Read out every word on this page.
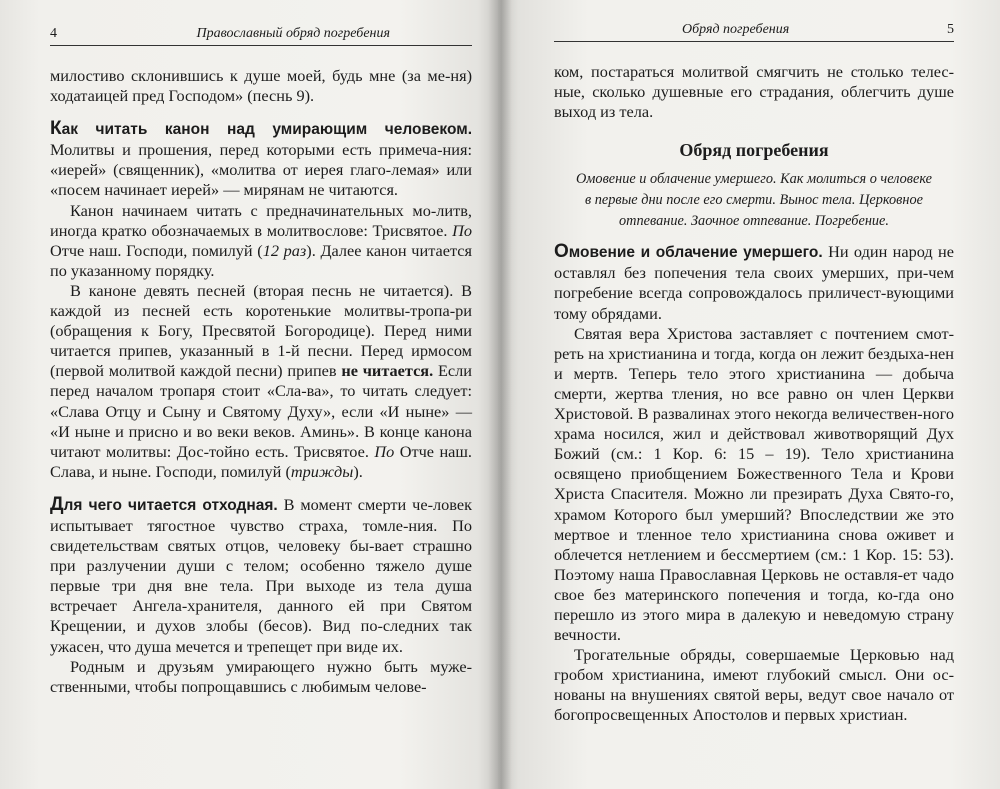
4	Православный обряд погребения

милостиво склонившись к душе моей, будь мне (за ме-ня) ходатаицей пред Господом» (песнь 9).

Как читать канон над умирающим человеком. Молитвы и прошения, перед которыми есть примеча-ния: «иерей» (священник), «молитва от иерея глаго-лемая» или «посем начинает иерей» — мирянам не читаются.

Канон начинаем читать с предначинательных мо-литв, иногда кратко обозначаемых в молитвослове: Трисвятое. По Отче наш. Господи, помилуй (12 раз). Далее канон читается по указанному порядку.

В каноне девять песней (вторая песнь не читается). В каждой из песней есть коротенькие молитвы-тропа-ри (обращения к Богу, Пресвятой Богородице). Перед ними читается припев, указанный в 1-й песни. Перед ирмосом (первой молитвой каждой песни) припев не читается. Если перед началом тропаря стоит «Сла-ва», то читать следует: «Слава Отцу и Сыну и Святому Духу», если «И ныне» — «И ныне и присно и во веки веков. Аминь». В конце канона читают молитвы: Дос-тойно есть. Трисвятое. По Отче наш. Слава, и ныне. Господи, помилуй (трижды).

Для чего читается отходная. В момент смерти че-ловек испытывает тягостное чувство страха, томле-ния. По свидетельствам святых отцов, человеку бы-вает страшно при разлучении души с телом; особенно тяжело душе первые три дня вне тела. При выходе из тела душа встречает Ангела-хранителя, данного ей при Святом Крещении, и духов злобы (бесов). Вид по-следних так ужасен, что душа мечется и трепещет при виде их.

Родным и друзьям умирающего нужно быть муже-ственными, чтобы попрощавшись с любимым челове-

Обряд погребения	5

ком, постараться молитвой смягчить не столько телес-ные, сколько душевные его страдания, облегчить душе выход из тела.

Обряд погребения
Омовение и облачение умершего. Как молиться о человеке в первые дни после его смерти. Вынос тела. Церковное отпевание. Заочное отпевание. Погребение.

Омовение и облачение умершего. Ни один народ не оставлял без попечения тела своих умерших, при-чем погребение всегда сопровождалось приличест-вующими тому обрядами.

Святая вера Христова заставляет с почтением смот-реть на христианина и тогда, когда он лежит бездыха-нен и мертв. Теперь тело этого христианина — добыча смерти, жертва тления, но все равно он член Церкви Христовой. В развалинах этого некогда величествен-ного храма носился, жил и действовал животворящий Дух Божий (см.: 1 Кор. 6: 15 – 19). Тело христианина освящено приобщением Божественного Тела и Крови Христа Спасителя. Можно ли презирать Духа Свято-го, храмом Которого был умерший? Впоследствии же это мертвое и тленное тело христианина снова оживет и облечется нетлением и бессмертием (см.: 1 Кор. 15: 53). Поэтому наша Православная Церковь не оставля-ет чадо свое без материнского попечения и тогда, ко-гда оно перешло из этого мира в далекую и неведомую страну вечности.

Трогательные обряды, совершаемые Церковью над гробом христианина, имеют глубокий смысл. Они ос-нованы на внушениях святой веры, ведут свое начало от богопросвещенных Апостолов и первых христиан.
